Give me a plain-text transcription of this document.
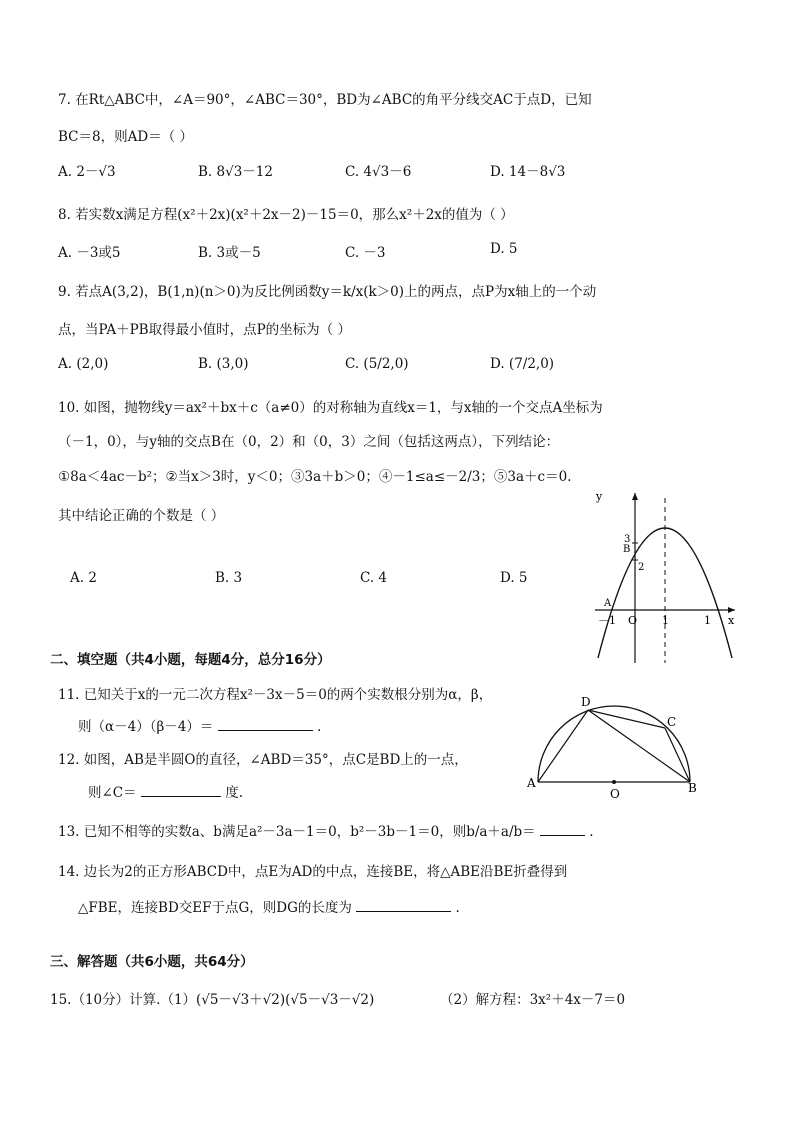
7. 在Rt△ABC中，∠A＝90°，∠ABC＝30°，BD为∠ABC的角平分线交AC于点D，已知
BC＝8，则AD＝（ ）
A. 2－√3	B. 8√3－12	C. 4√3－6	D. 14－8√3
8. 若实数x满足方程(x²＋2x)(x²＋2x－2)－15＝0，那么x²＋2x的值为（ ）
A. －3或5	B. 3或－5	C. －3	D. 5
9. 若点A(3,2)，B(1,n)(n＞0)为反比例函数y＝k/x(k＞0)上的两点，点P为x轴上的一个动
点，当PA＋PB取得最小值时，点P的坐标为（ ）
A. (2,0)	B. (3,0)	C. (5/2,0)	D. (7/2,0)
10. 如图，抛物线y＝ax²＋bx＋c（a≠0）的对称轴为直线x＝1，与x轴的一个交点A坐标为
（－1，0），与y轴的交点B在（0，2）和（0，3）之间（包括这两点），下列结论：
①8a＜4ac－b²；②当x＞3时，y＜0；③3a＋b＞0；④－1≤a≤－2/3；⑤3a＋c＝0.
其中结论正确的个数是（ ）
A. 2	B. 3	C. 4	D. 5
y
x
3
B
2
A
－1 O 1	1
二、填空题（共4小题，每题4分，总分16分）
11. 已知关于x的一元二次方程x²－3x－5＝0的两个实数根分别为α，β，
则（α－4）（β－4）＝	.
12. 如图，AB是半圆O的直径，∠ABD＝35°，点C是BD上的一点，
则∠C＝	度.
D
C
A
O	B
13. 已知不相等的实数a、b满足a²－3a－1＝0，b²－3b－1＝0，则b/a＋a/b＝	.
14. 边长为2的正方形ABCD中，点E为AD的中点，连接BE，将△ABE沿BE折叠得到
△FBE，连接BD交EF于点G，则DG的长度为	.
三、解答题（共6小题，共64分）
15.（10分）计算.（1）(√5－√3＋√2)(√5－√3－√2)	（2）解方程：3x²＋4x－7＝0
